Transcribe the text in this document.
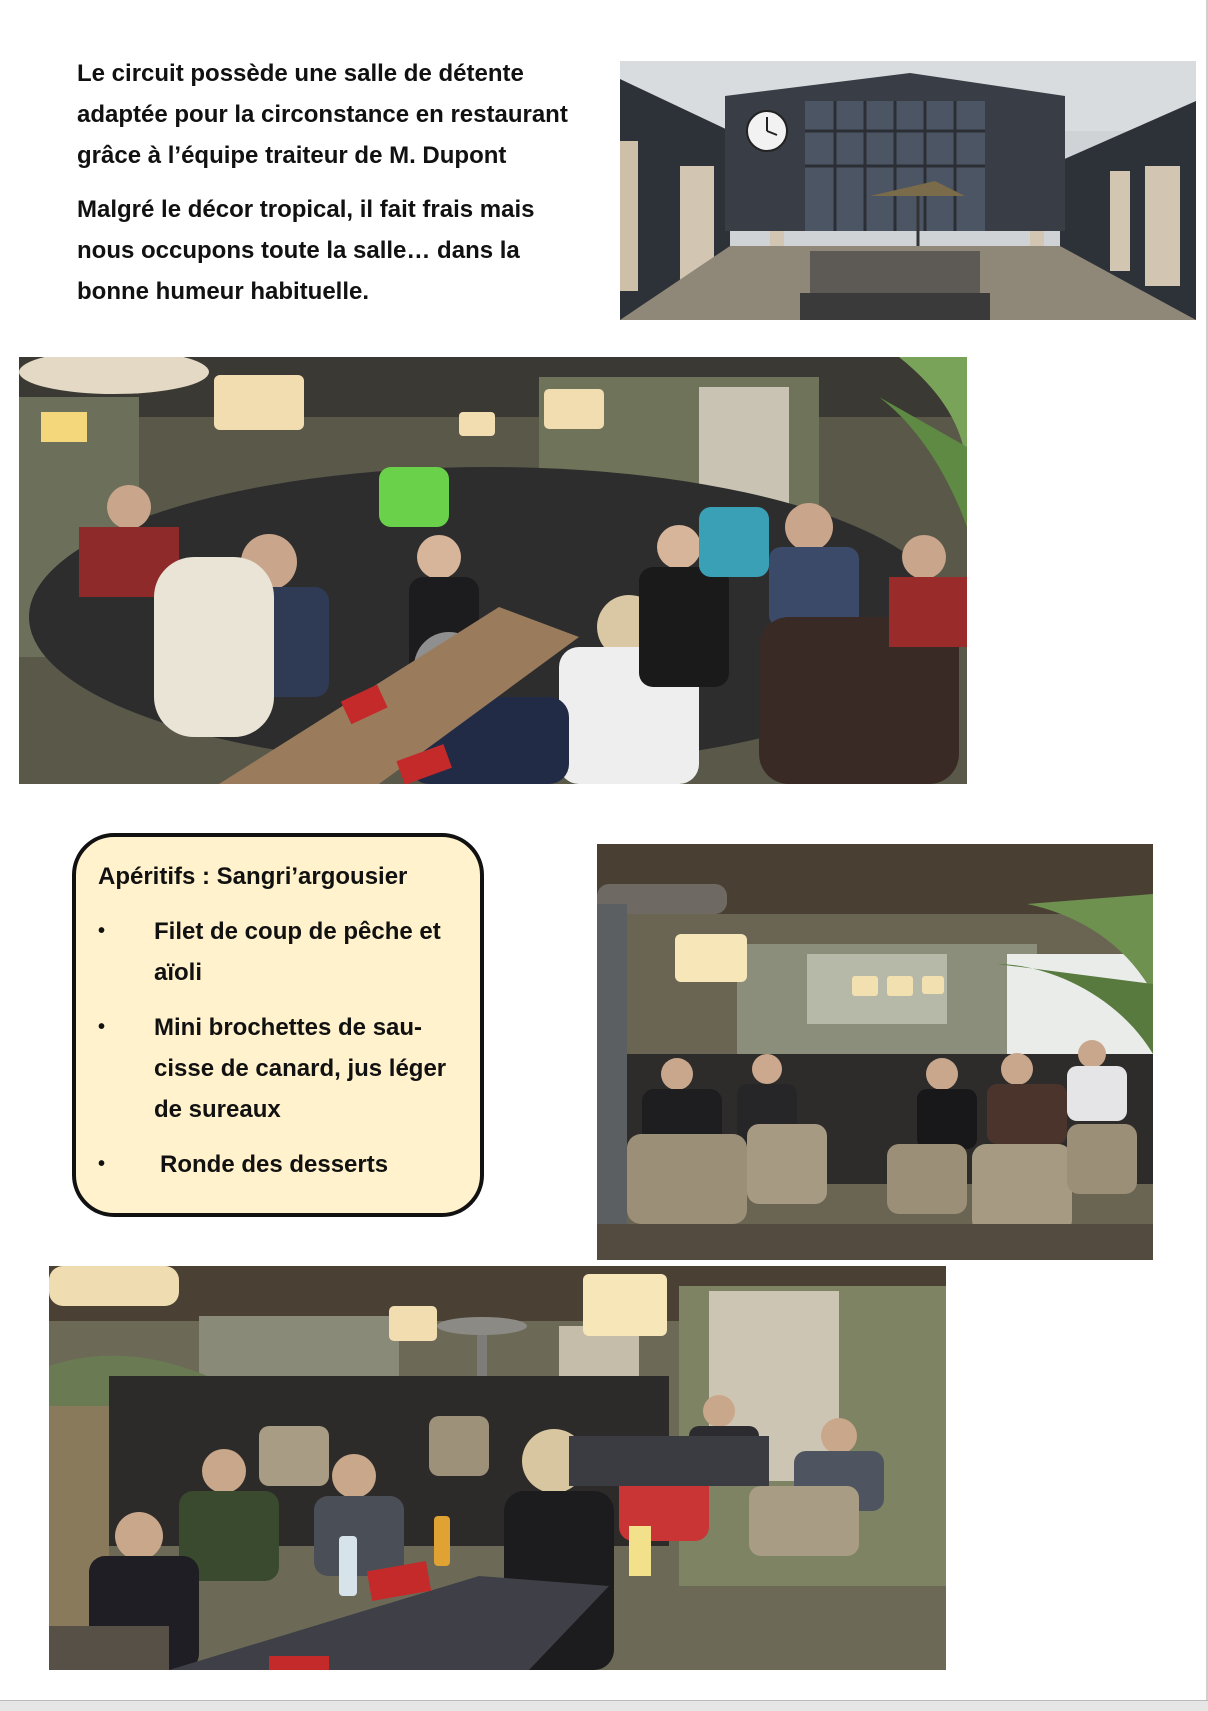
Le circuit possède une salle de détente adaptée pour la circonstance en restaurant grâce à l’équipe traiteur de M. Dupont

Malgré le décor tropical, il fait frais mais nous occupons toute la salle… dans la bonne humeur habituelle.

Apéritifs : Sangri’argousier
• Filet de coup de pêche et aïoli
• Mini brochettes de sau-cisse de canard, jus léger de sureaux
• Ronde des desserts
